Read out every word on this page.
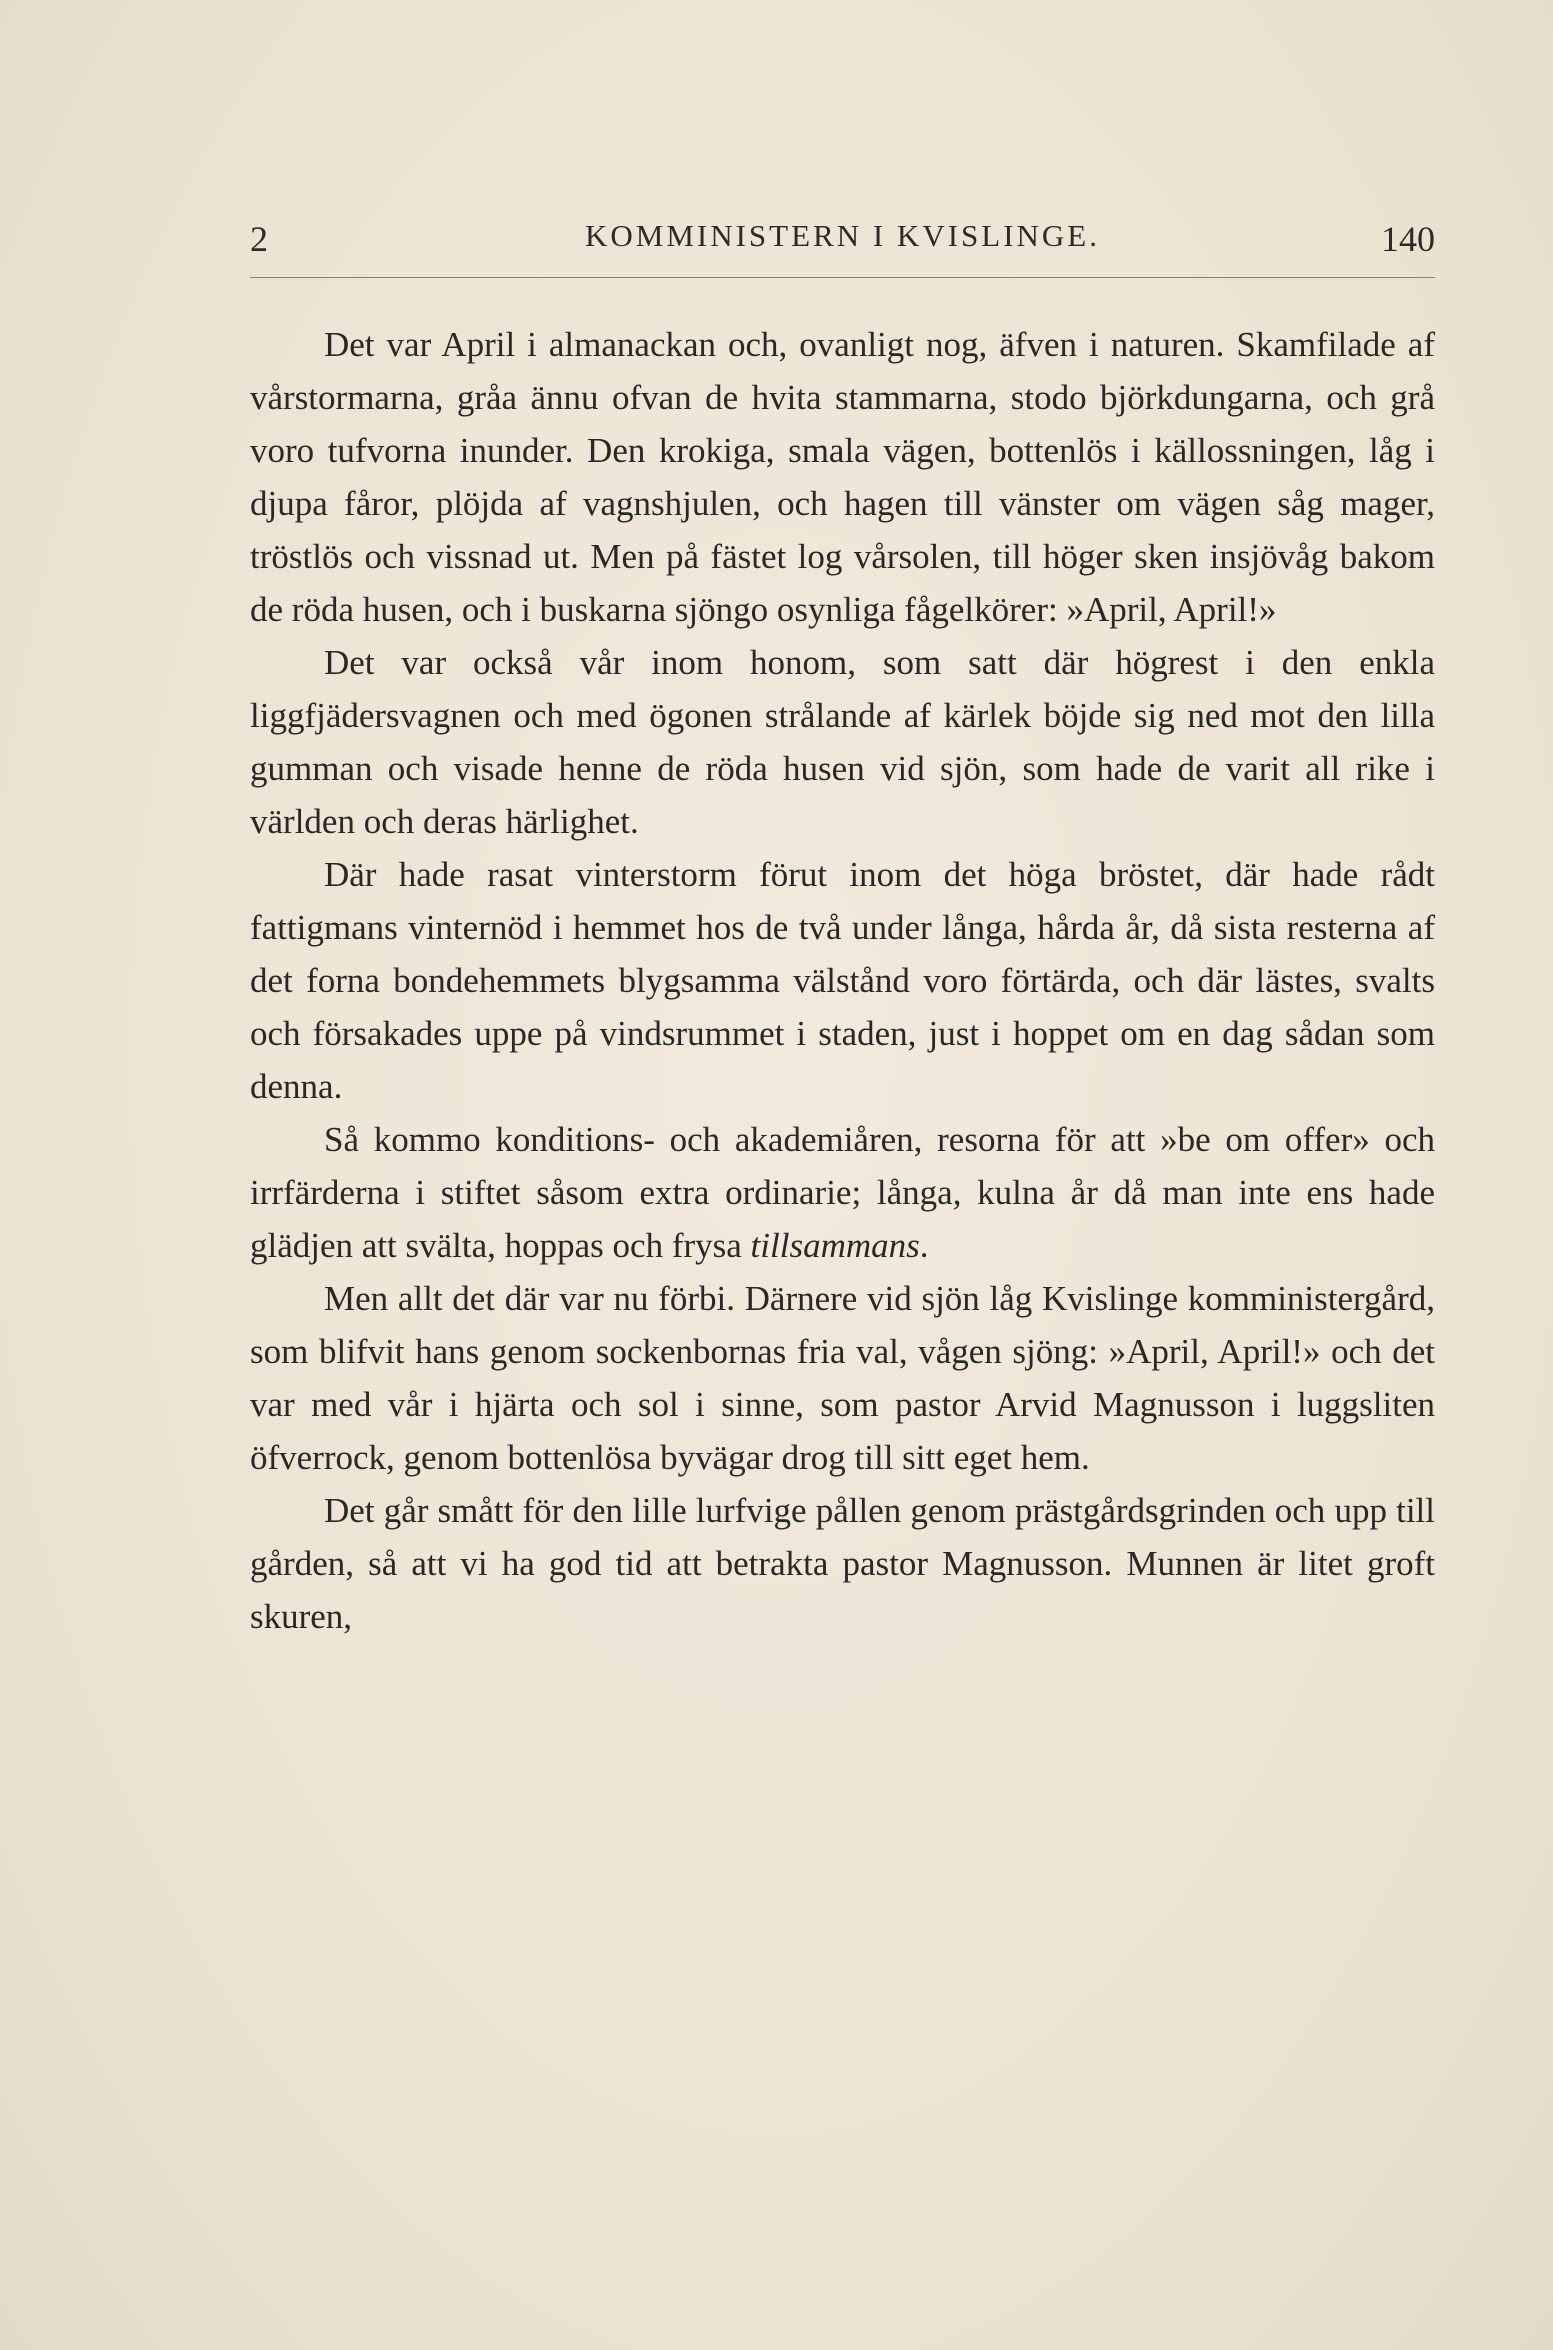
2	KOMMINISTERN I KVISLINGE.	140

Det var April i almanackan och, ovanligt nog, äfven i naturen. Skamfilade af vårstormarna, gråa ännu ofvan de hvita stammarna, stodo björkdungarna, och grå voro tufvorna inunder. Den krokiga, smala vägen, bottenlös i källossningen, låg i djupa fåror, plöjda af vagnshjulen, och hagen till vänster om vägen såg mager, tröstlös och vissnad ut. Men på fästet log vårsolen, till höger sken insjövåg bakom de röda husen, och i buskarna sjöngo osynliga fågelkörer: »April, April!»

Det var också vår inom honom, som satt där högrest i den enkla liggfjädersvagnen och med ögonen strålande af kärlek böjde sig ned mot den lilla gumman och visade henne de röda husen vid sjön, som hade de varit all rike i världen och deras härlighet.

Där hade rasat vinterstorm förut inom det höga bröstet, där hade rådt fattigmans vinternöd i hemmet hos de två under långa, hårda år, då sista resterna af det forna bondehemmets blygsamma välstånd voro förtärda, och där lästes, svalts och försakades uppe på vindsrummet i staden, just i hoppet om en dag sådan som denna.

Så kommo konditions- och akademiåren, resorna för att »be om offer» och irrfärderna i stiftet såsom extra ordinarie; långa, kulna år då man inte ens hade glädjen att svälta, hoppas och frysa tillsammans.

Men allt det där var nu förbi. Därnere vid sjön låg Kvislinge komministergård, som blifvit hans genom sockenbornas fria val, vågen sjöng: »April, April!» och det var med vår i hjärta och sol i sinne, som pastor Arvid Magnusson i luggsliten öfverrock, genom bottenlösa byvägar drog till sitt eget hem.

Det går smått för den lille lurfvige pållen genom prästgårdsgrinden och upp till gården, så att vi ha god tid att betrakta pastor Magnusson. Munnen är litet groft skuren,
